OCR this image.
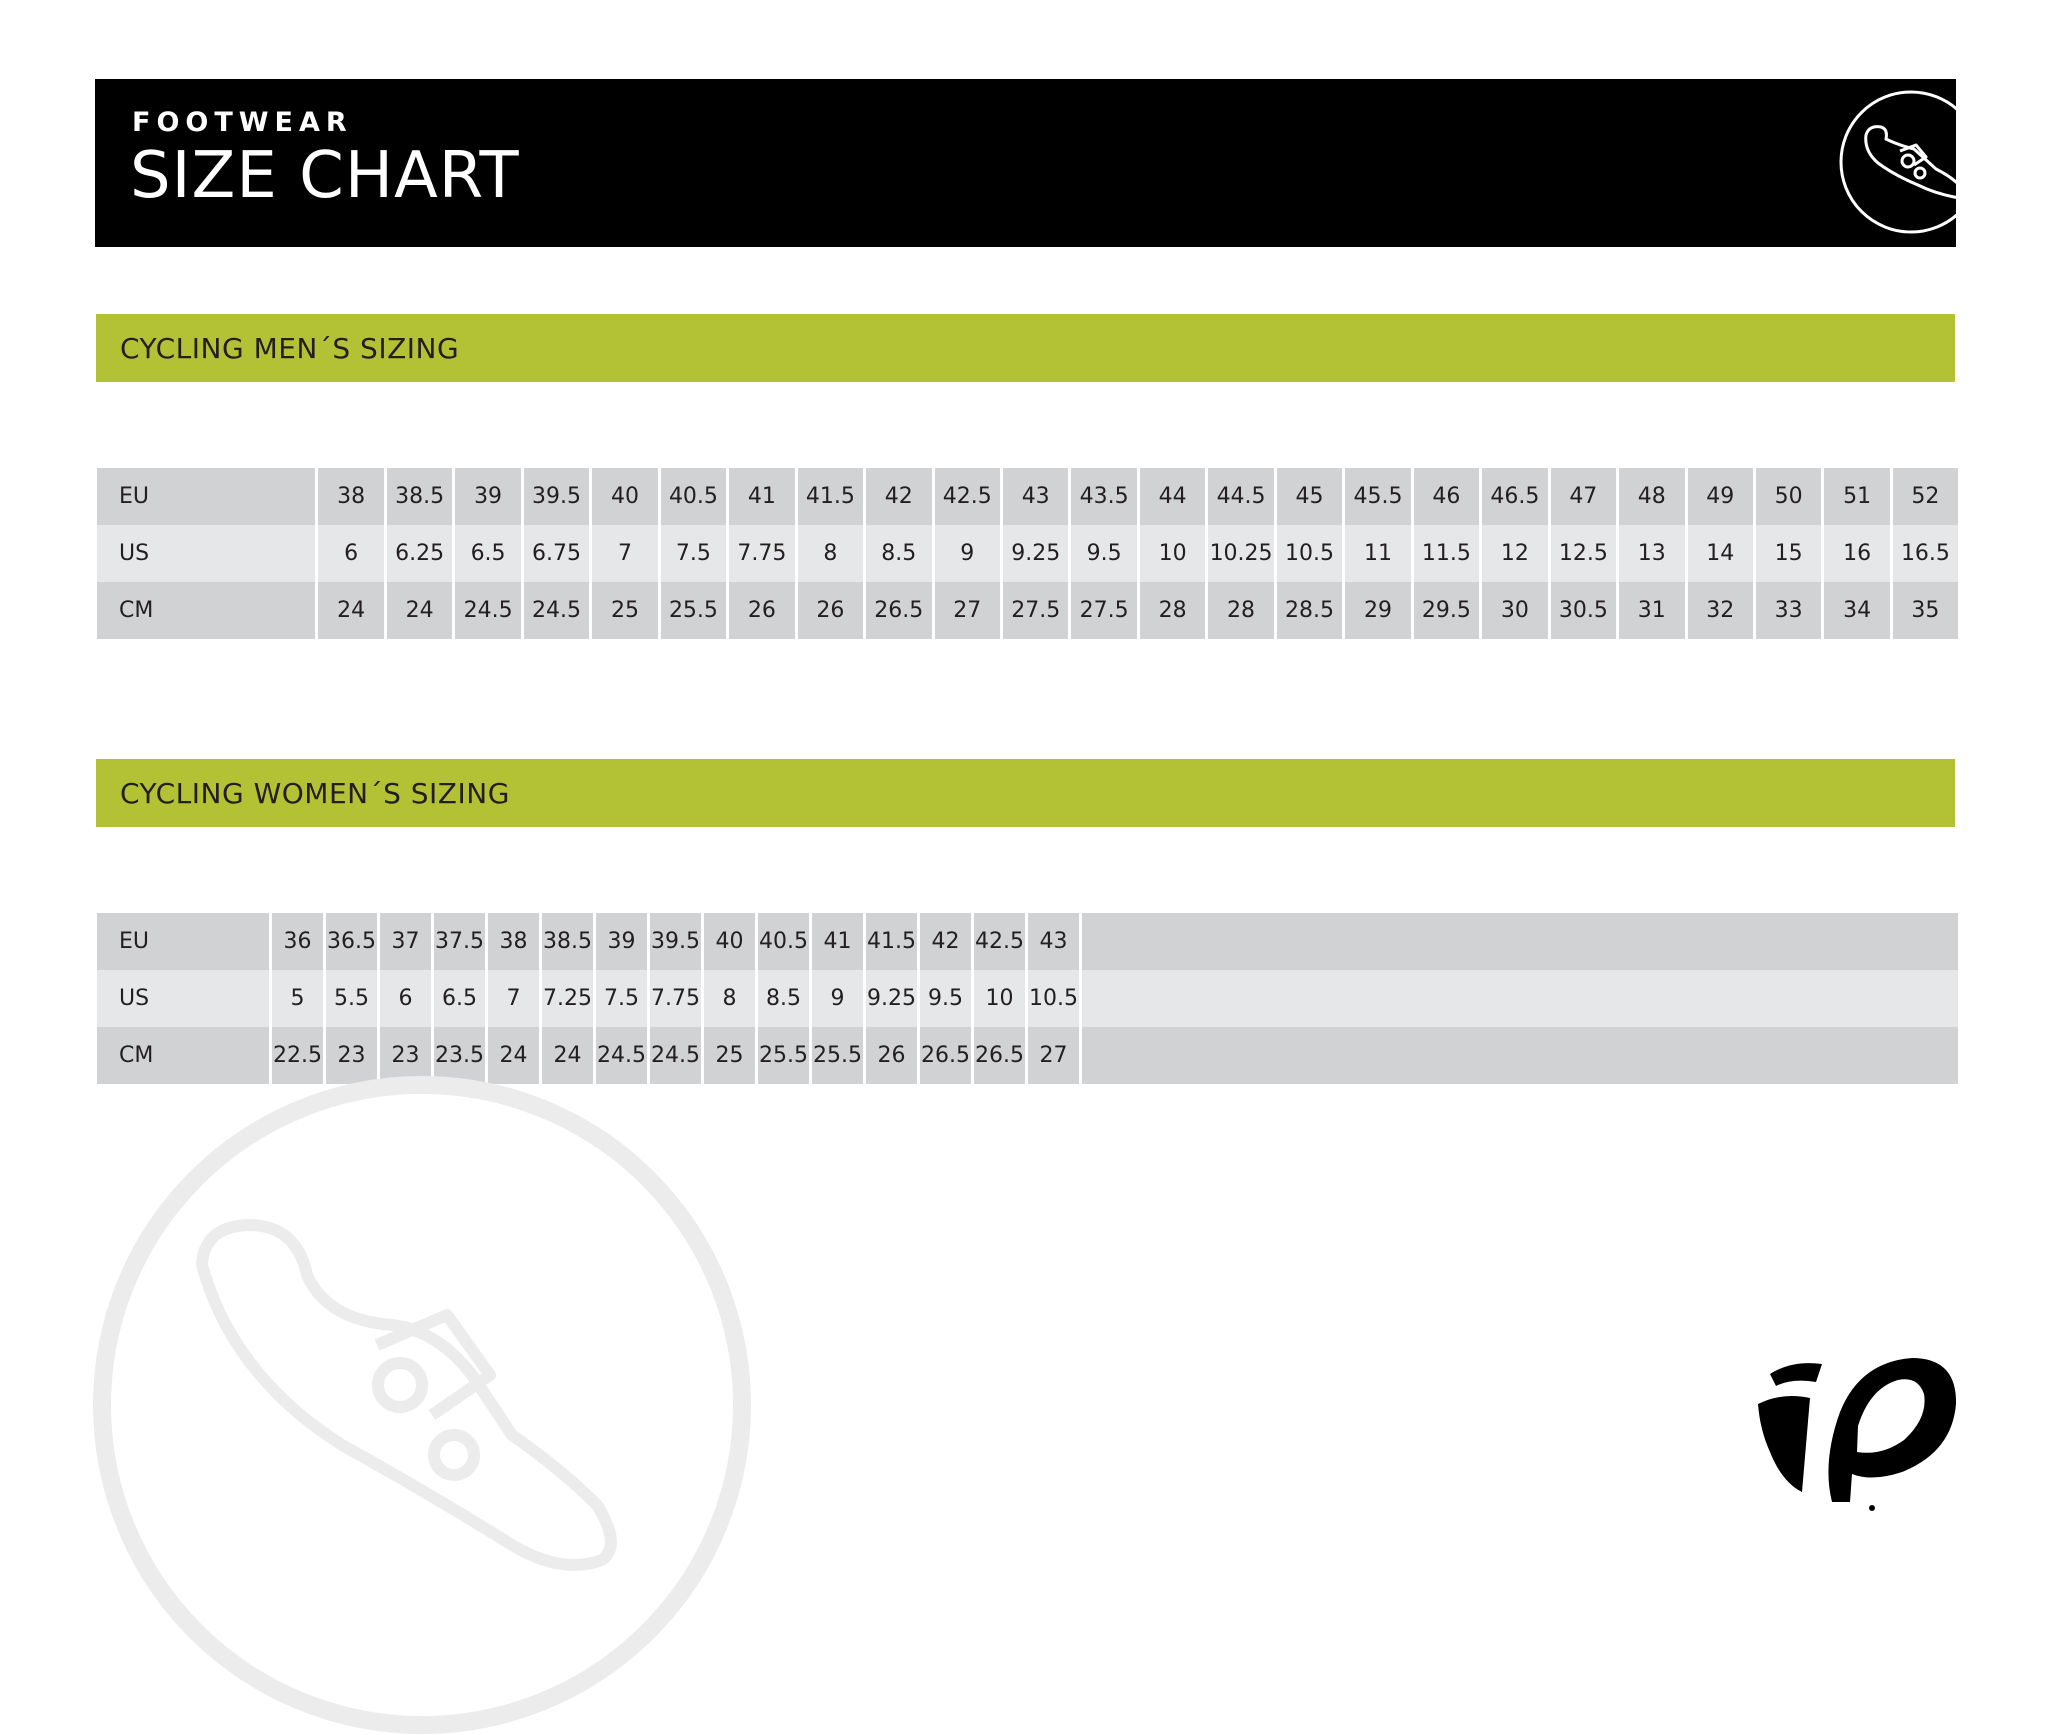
FOOTWEAR
SIZE CHART
CYCLING MEN´S SIZING
EU	38	38.5	39	39.5	40	40.5	41	41.5	42	42.5	43	43.5	44	44.5	45	45.5	46	46.5	47	48	49	50	51	52
US	6	6.25	6.5	6.75	7	7.5	7.75	8	8.5	9	9.25	9.5	10	10.25	10.5	11	11.5	12	12.5	13	14	15	16	16.5
CM	24	24	24.5	24.5	25	25.5	26	26	26.5	27	27.5	27.5	28	28	28.5	29	29.5	30	30.5	31	32	33	34	35
CYCLING WOMEN´S SIZING
EU	36	36.5	37	37.5	38	38.5	39	39.5	40	40.5	41	41.5	42	42.5	43	
US	5	5.5	6	6.5	7	7.25	7.5	7.75	8	8.5	9	9.25	9.5	10	10.5	
CM	22.5	23	23	23.5	24	24	24.5	24.5	25	25.5	25.5	26	26.5	26.5	27	
